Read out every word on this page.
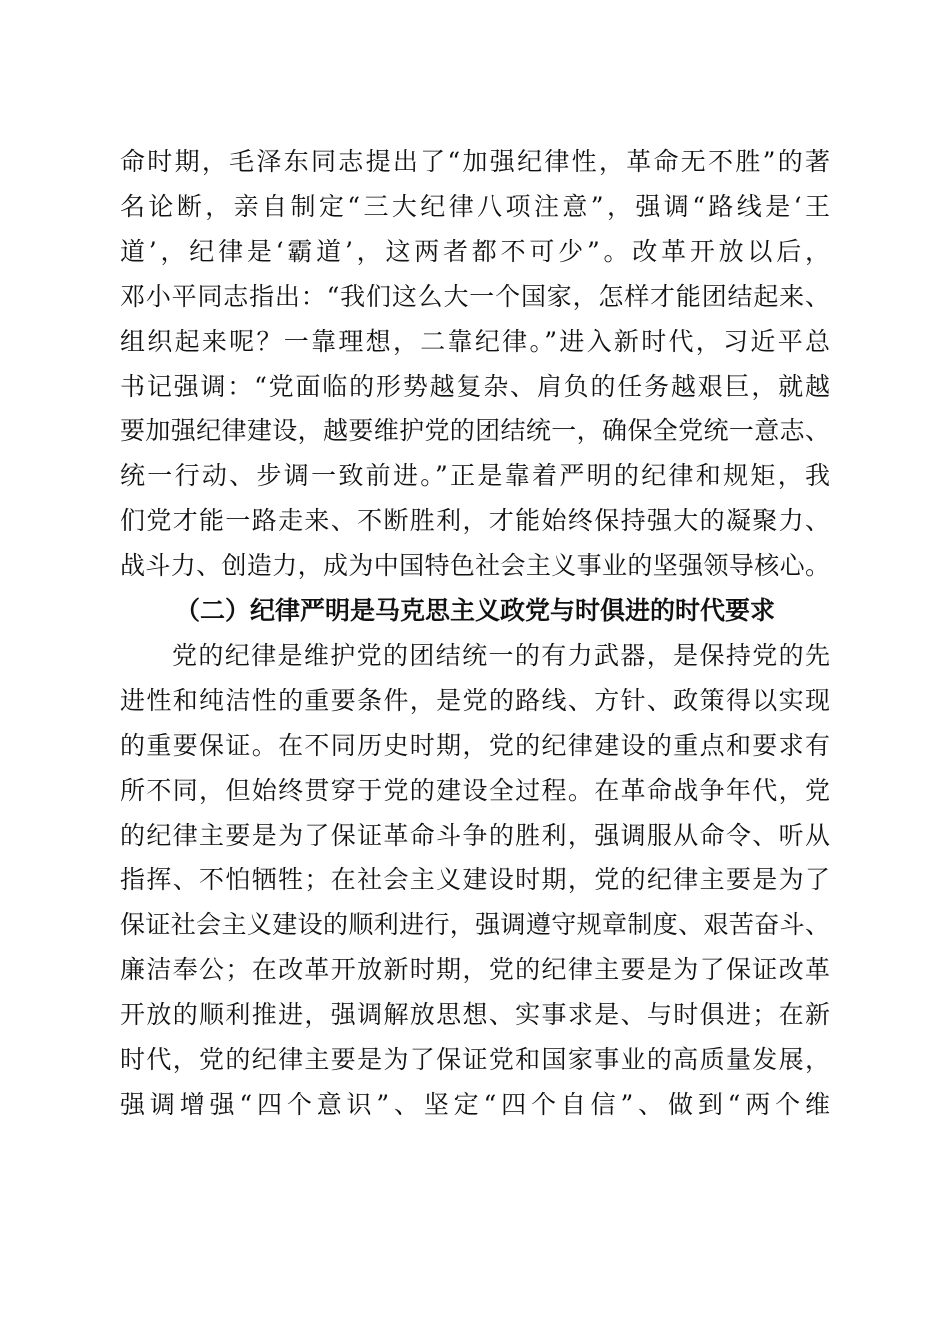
命时期，毛泽东同志提出了“加强纪律性，革命无不胜”的著
名论断，亲自制定“三大纪律八项注意”，强调“路线是‘王
道’，纪律是‘霸道’，这两者都不可少”。改革开放以后，
邓小平同志指出：“我们这么大一个国家，怎样才能团结起来、
组织起来呢？一靠理想，二靠纪律。”进入新时代，习近平总
书记强调：“党面临的形势越复杂、肩负的任务越艰巨，就越
要加强纪律建设，越要维护党的团结统一，确保全党统一意志、
统一行动、步调一致前进。”正是靠着严明的纪律和规矩，我
们党才能一路走来、不断胜利，才能始终保持强大的凝聚力、
战斗力、创造力，成为中国特色社会主义事业的坚强领导核心。
（二）纪律严明是马克思主义政党与时俱进的时代要求
党的纪律是维护党的团结统一的有力武器，是保持党的先
进性和纯洁性的重要条件，是党的路线、方针、政策得以实现
的重要保证。在不同历史时期，党的纪律建设的重点和要求有
所不同，但始终贯穿于党的建设全过程。在革命战争年代，党
的纪律主要是为了保证革命斗争的胜利，强调服从命令、听从
指挥、不怕牺牲；在社会主义建设时期，党的纪律主要是为了
保证社会主义建设的顺利进行，强调遵守规章制度、艰苦奋斗、
廉洁奉公；在改革开放新时期，党的纪律主要是为了保证改革
开放的顺利推进，强调解放思想、实事求是、与时俱进；在新
时代，党的纪律主要是为了保证党和国家事业的高质量发展，
强调增强“四个意识”、坚定“四个自信”、做到“两个维
